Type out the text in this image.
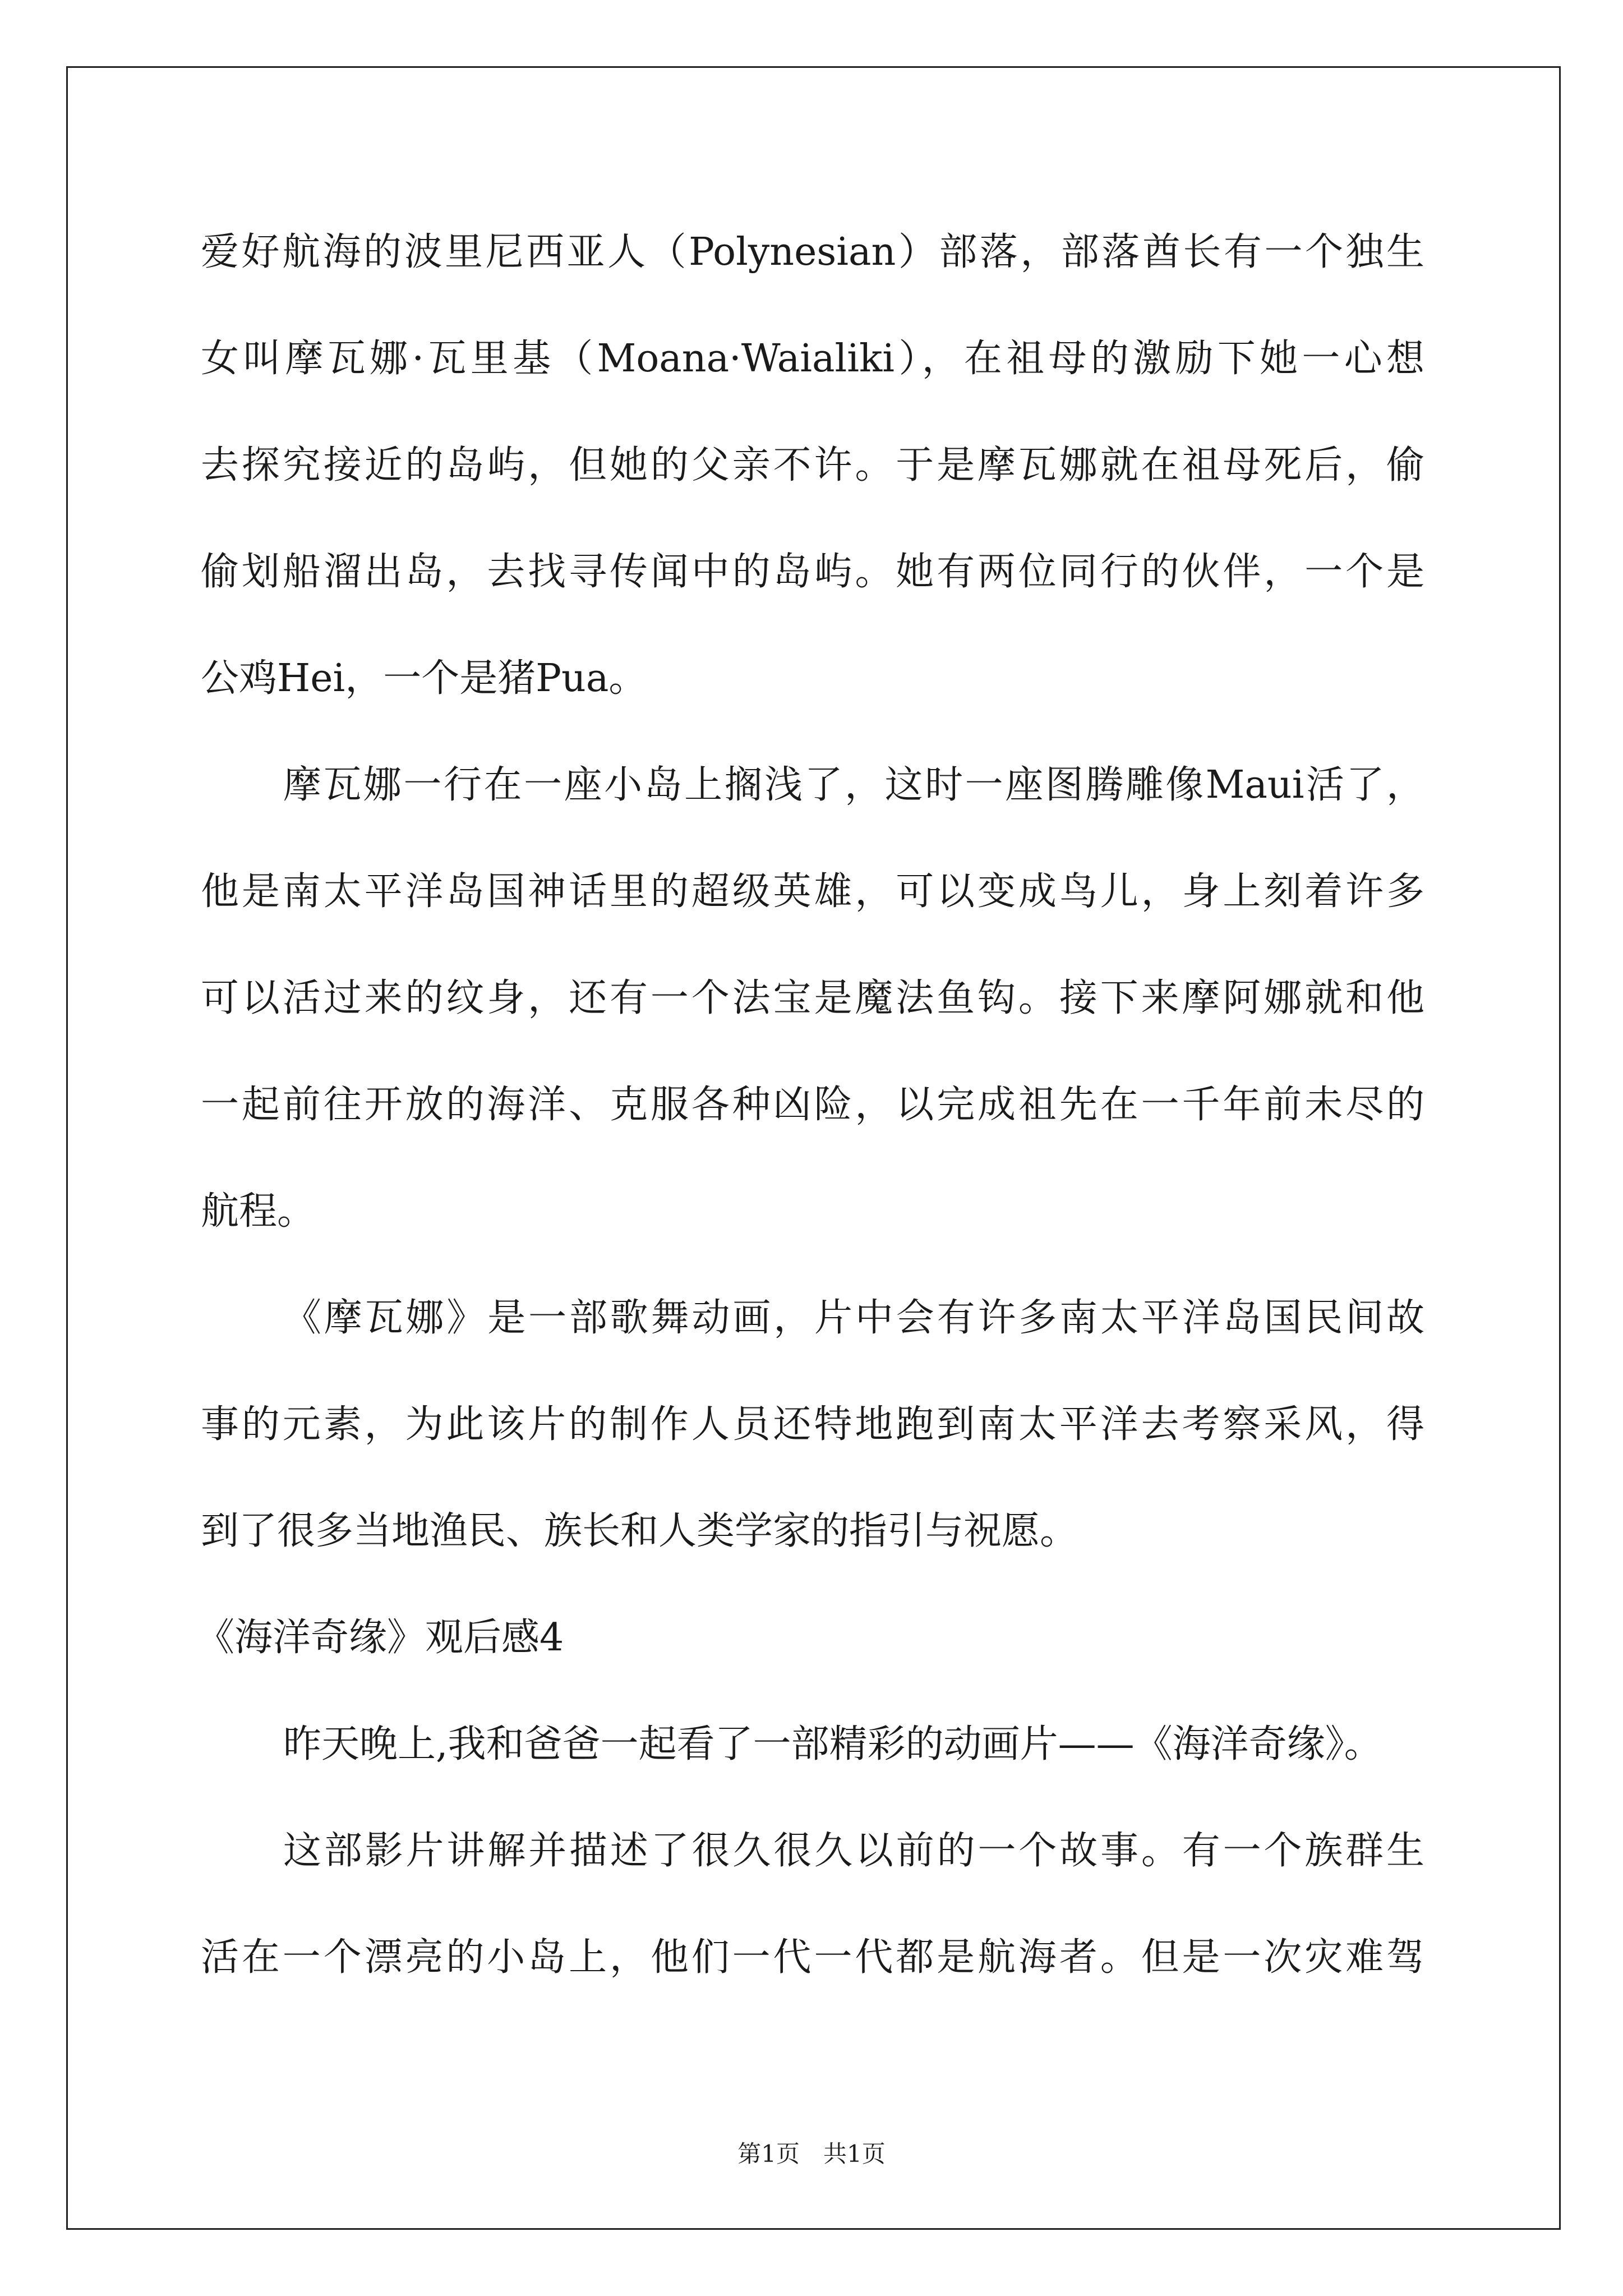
爱好航海的波里尼西亚人（Polynesian）部落，部落酋长有一个独生
女叫摩瓦娜·瓦里基（Moana·Waialiki），在祖母的激励下她一心想
去探究接近的岛屿，但她的父亲不许。于是摩瓦娜就在祖母死后，偷
偷划船溜出岛，去找寻传闻中的岛屿。她有两位同行的伙伴，一个是
公鸡Hei，一个是猪Pua。
摩瓦娜一行在一座小岛上搁浅了，这时一座图腾雕像Maui活了，
他是南太平洋岛国神话里的超级英雄，可以变成鸟儿，身上刻着许多
可以活过来的纹身，还有一个法宝是魔法鱼钩。接下来摩阿娜就和他
一起前往开放的海洋、克服各种凶险，以完成祖先在一千年前未尽的
航程。
《摩瓦娜》是一部歌舞动画，片中会有许多南太平洋岛国民间故
事的元素，为此该片的制作人员还特地跑到南太平洋去考察采风，得
到了很多当地渔民、族长和人类学家的指引与祝愿。
《海洋奇缘》观后感4
昨天晚上,我和爸爸一起看了一部精彩的动画片——《海洋奇缘》。
这部影片讲解并描述了很久很久以前的一个故事。有一个族群生
活在一个漂亮的小岛上，他们一代一代都是航海者。但是一次灾难驾
第1页　共1页
